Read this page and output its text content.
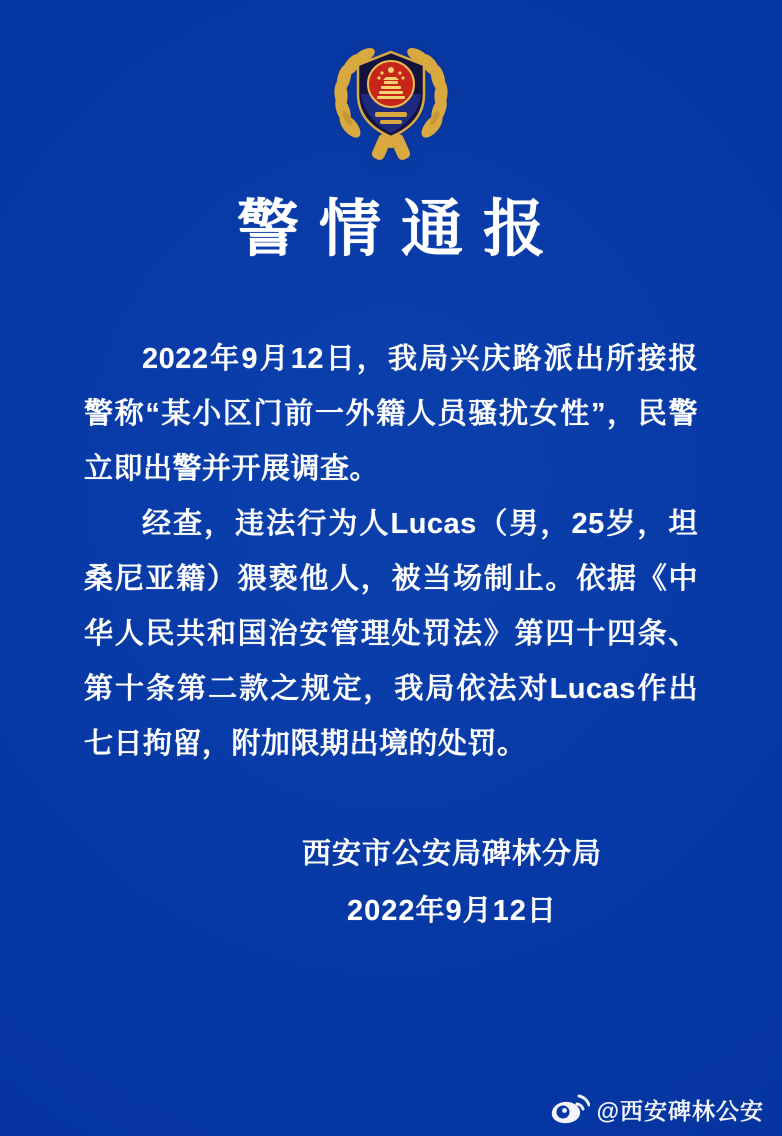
警情通报

2022年9月12日，我局兴庆路派出所接报警称“某小区门前一外籍人员骚扰女性”，民警立即出警并开展调查。

经查，违法行为人Lucas（男，25岁，坦桑尼亚籍）猥亵他人，被当场制止。依据《中华人民共和国治安管理处罚法》第四十四条、第十条第二款之规定，我局依法对Lucas作出七日拘留，附加限期出境的处罚。

西安市公安局碑林分局
2022年9月12日
@西安碑林公安
